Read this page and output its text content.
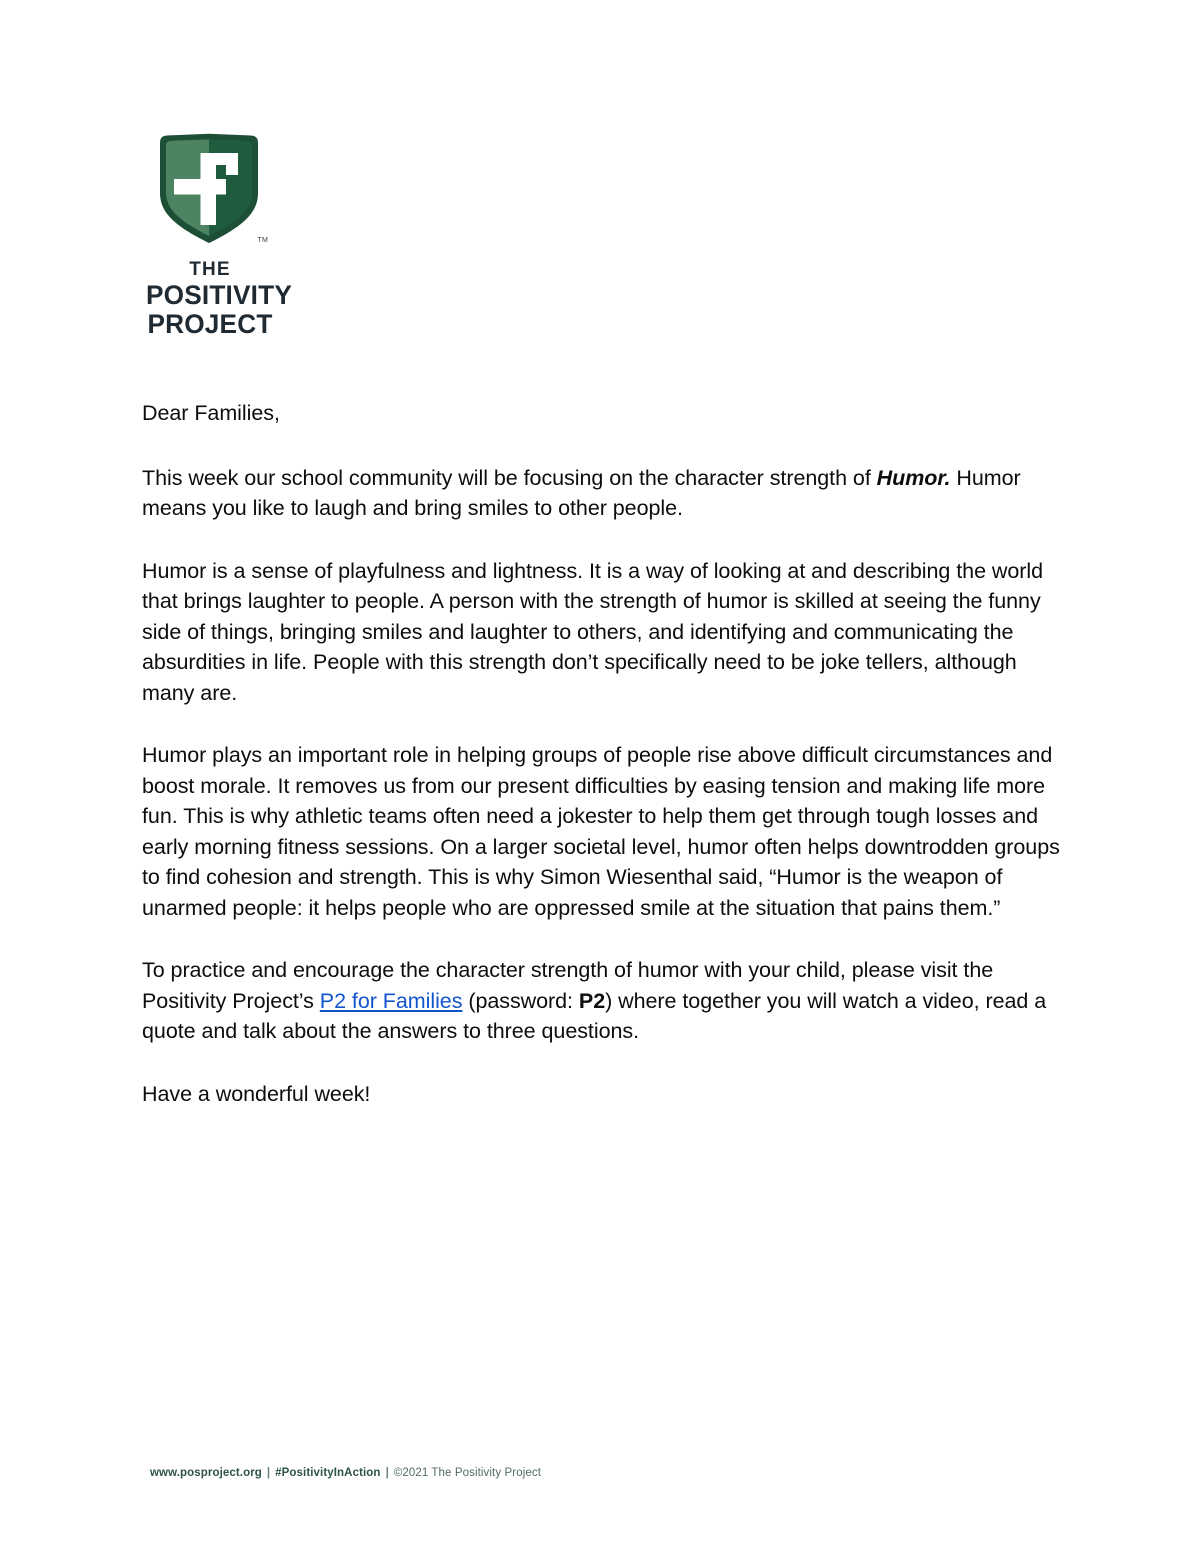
TM
THE
POSITIVITY
PROJECT

Dear Families,

This week our school community will be focusing on the character strength of Humor. Humor means you like to laugh and bring smiles to other people.

Humor is a sense of playfulness and lightness. It is a way of looking at and describing the world that brings laughter to people. A person with the strength of humor is skilled at seeing the funny side of things, bringing smiles and laughter to others, and identifying and communicating the absurdities in life. People with this strength don’t specifically need to be joke tellers, although many are.

Humor plays an important role in helping groups of people rise above difficult circumstances and boost morale. It removes us from our present difficulties by easing tension and making life more fun. This is why athletic teams often need a jokester to help them get through tough losses and early morning fitness sessions. On a larger societal level, humor often helps downtrodden groups to find cohesion and strength. This is why Simon Wiesenthal said, “Humor is the weapon of unarmed people: it helps people who are oppressed smile at the situation that pains them.”

To practice and encourage the character strength of humor with your child, please visit the Positivity Project’s P2 for Families (password: P2) where together you will watch a video, read a quote and talk about the answers to three questions.

Have a wonderful week!

www.posproject.org | #PositivityInAction | ©2021 The Positivity Project
